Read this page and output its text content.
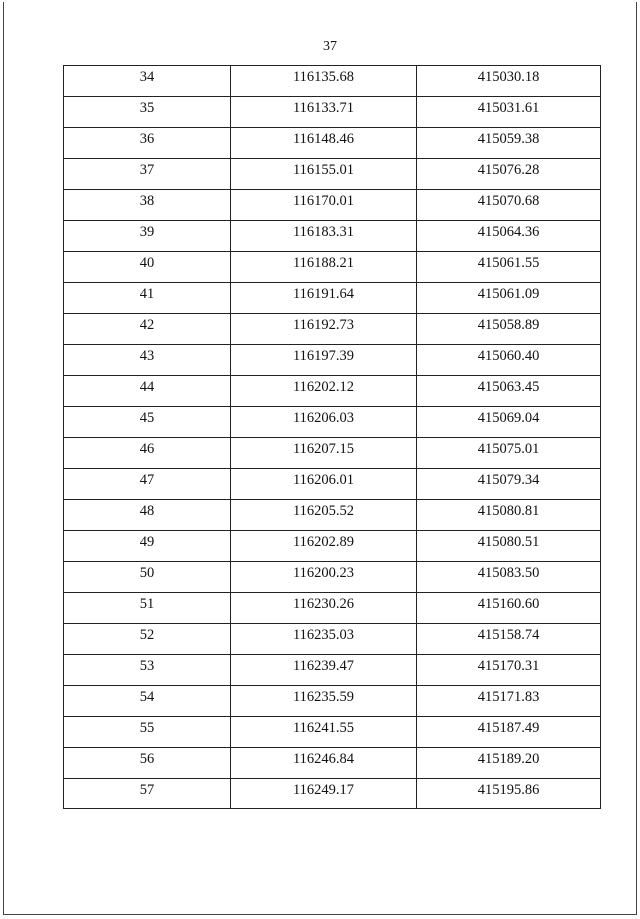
37
34	116135.68	415030.18
35	116133.71	415031.61
36	116148.46	415059.38
37	116155.01	415076.28
38	116170.01	415070.68
39	116183.31	415064.36
40	116188.21	415061.55
41	116191.64	415061.09
42	116192.73	415058.89
43	116197.39	415060.40
44	116202.12	415063.45
45	116206.03	415069.04
46	116207.15	415075.01
47	116206.01	415079.34
48	116205.52	415080.81
49	116202.89	415080.51
50	116200.23	415083.50
51	116230.26	415160.60
52	116235.03	415158.74
53	116239.47	415170.31
54	116235.59	415171.83
55	116241.55	415187.49
56	116246.84	415189.20
57	116249.17	415195.86
